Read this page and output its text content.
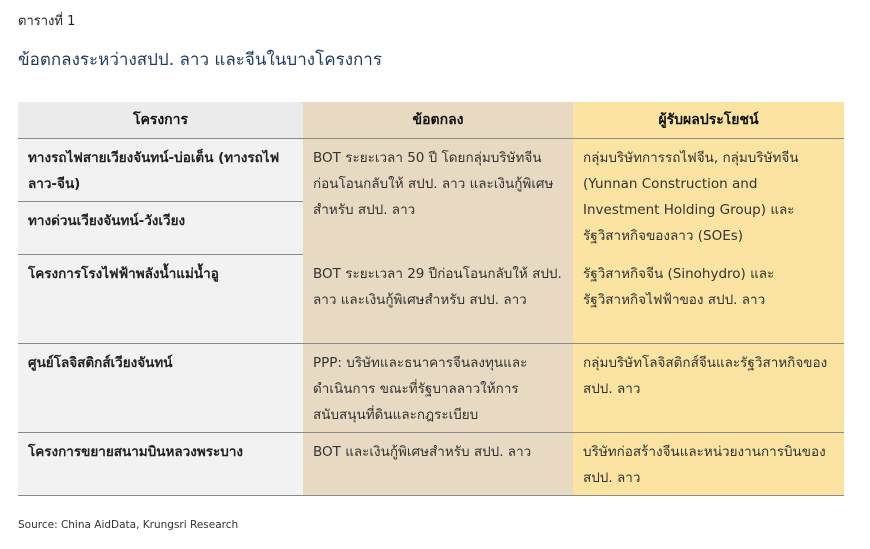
ตารางที่ 1
ข้อตกลงระหว่างสปป. ลาว และจีนในบางโครงการ
โครงการ	ข้อตกลง	ผู้รับผลประโยชน์
ทางรถไฟสายเวียงจันทน์-บ่อเต็น (ทางรถไฟลาว-จีน)	BOT ระยะเวลา 50 ปี โดยกลุ่มบริษัทจีนก่อนโอนกลับให้ สปป. ลาว และเงินกู้พิเศษสำหรับ สปป. ลาว	กลุ่มบริษัทการรถไฟจีน, กลุ่มบริษัทจีน (Yunnan Construction and Investment Holding Group) และรัฐวิสาหกิจของลาว (SOEs)
ทางด่วนเวียงจันทน์-วังเวียง		
โครงการโรงไฟฟ้าพลังน้ำแม่น้ำอู	BOT ระยะเวลา 29 ปีก่อนโอนกลับให้ สปป. ลาว และเงินกู้พิเศษสำหรับ สปป. ลาว	รัฐวิสาหกิจจีน (Sinohydro) และรัฐวิสาหกิจไฟฟ้าของ สปป. ลาว
ศูนย์โลจิสติกส์เวียงจันทน์	PPP: บริษัทและธนาคารจีนลงทุนและดำเนินการ ขณะที่รัฐบาลลาวให้การสนับสนุนที่ดินและกฎระเบียบ	กลุ่มบริษัทโลจิสติกส์จีนและรัฐวิสาหกิจของ สปป. ลาว
โครงการขยายสนามบินหลวงพระบาง	BOT และเงินกู้พิเศษสำหรับ สปป. ลาว	บริษัทก่อสร้างจีนและหน่วยงานการบินของ สปป. ลาว
Source: China AidData, Krungsri Research
